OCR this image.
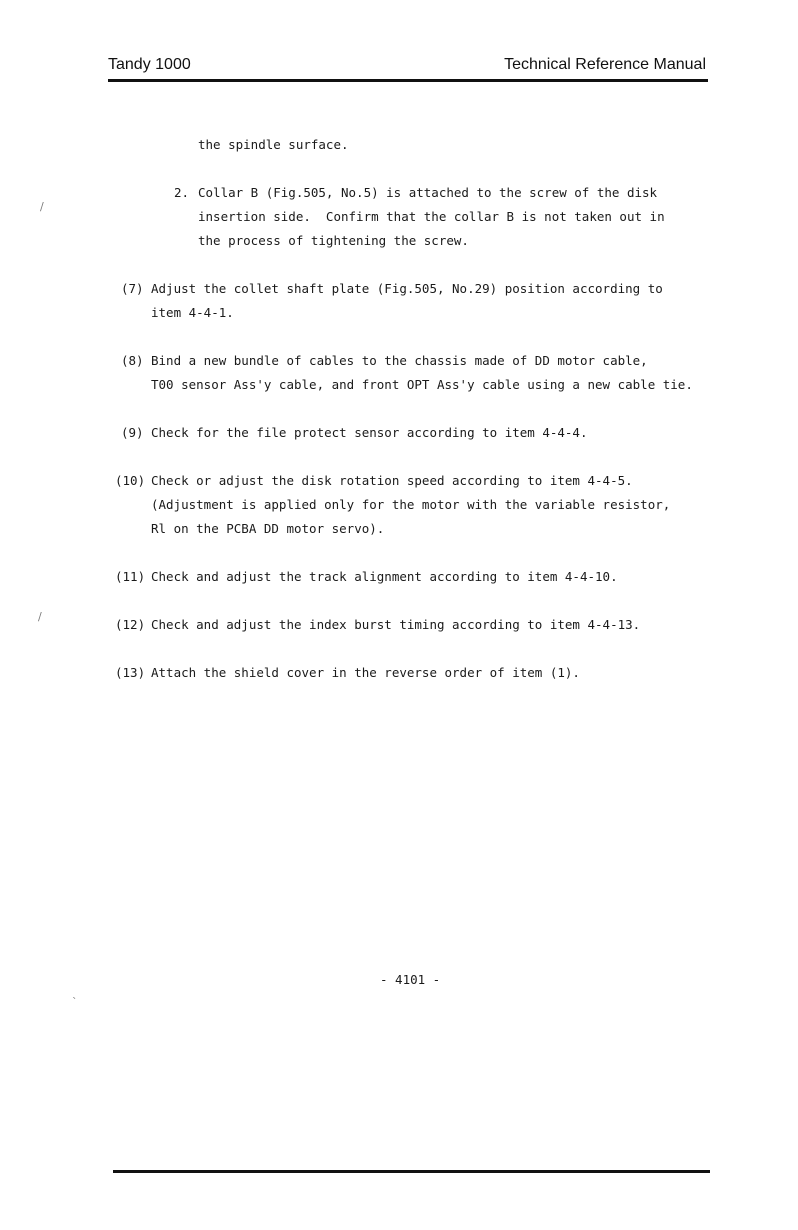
Tandy 1000	Technical Reference Manual
the spindle surface.
2. Collar B (Fig.505, No.5) is attached to the screw of the disk
insertion side.  Confirm that the collar B is not taken out in
the process of tightening the screw.
(7) Adjust the collet shaft plate (Fig.505, No.29) position according to
item 4-4-1.
(8) Bind a new bundle of cables to the chassis made of DD motor cable,
T00 sensor Ass'y cable, and front OPT Ass'y cable using a new cable tie.
(9) Check for the file protect sensor according to item 4-4-4.
(10) Check or adjust the disk rotation speed according to item 4-4-5.
(Adjustment is applied only for the motor with the variable resistor,
Rl on the PCBA DD motor servo).
(11) Check and adjust the track alignment according to item 4-4-10.
(12) Check and adjust the index burst timing according to item 4-4-13.
(13) Attach the shield cover in the reverse order of item (1).
- 4101 -
/
/
`
